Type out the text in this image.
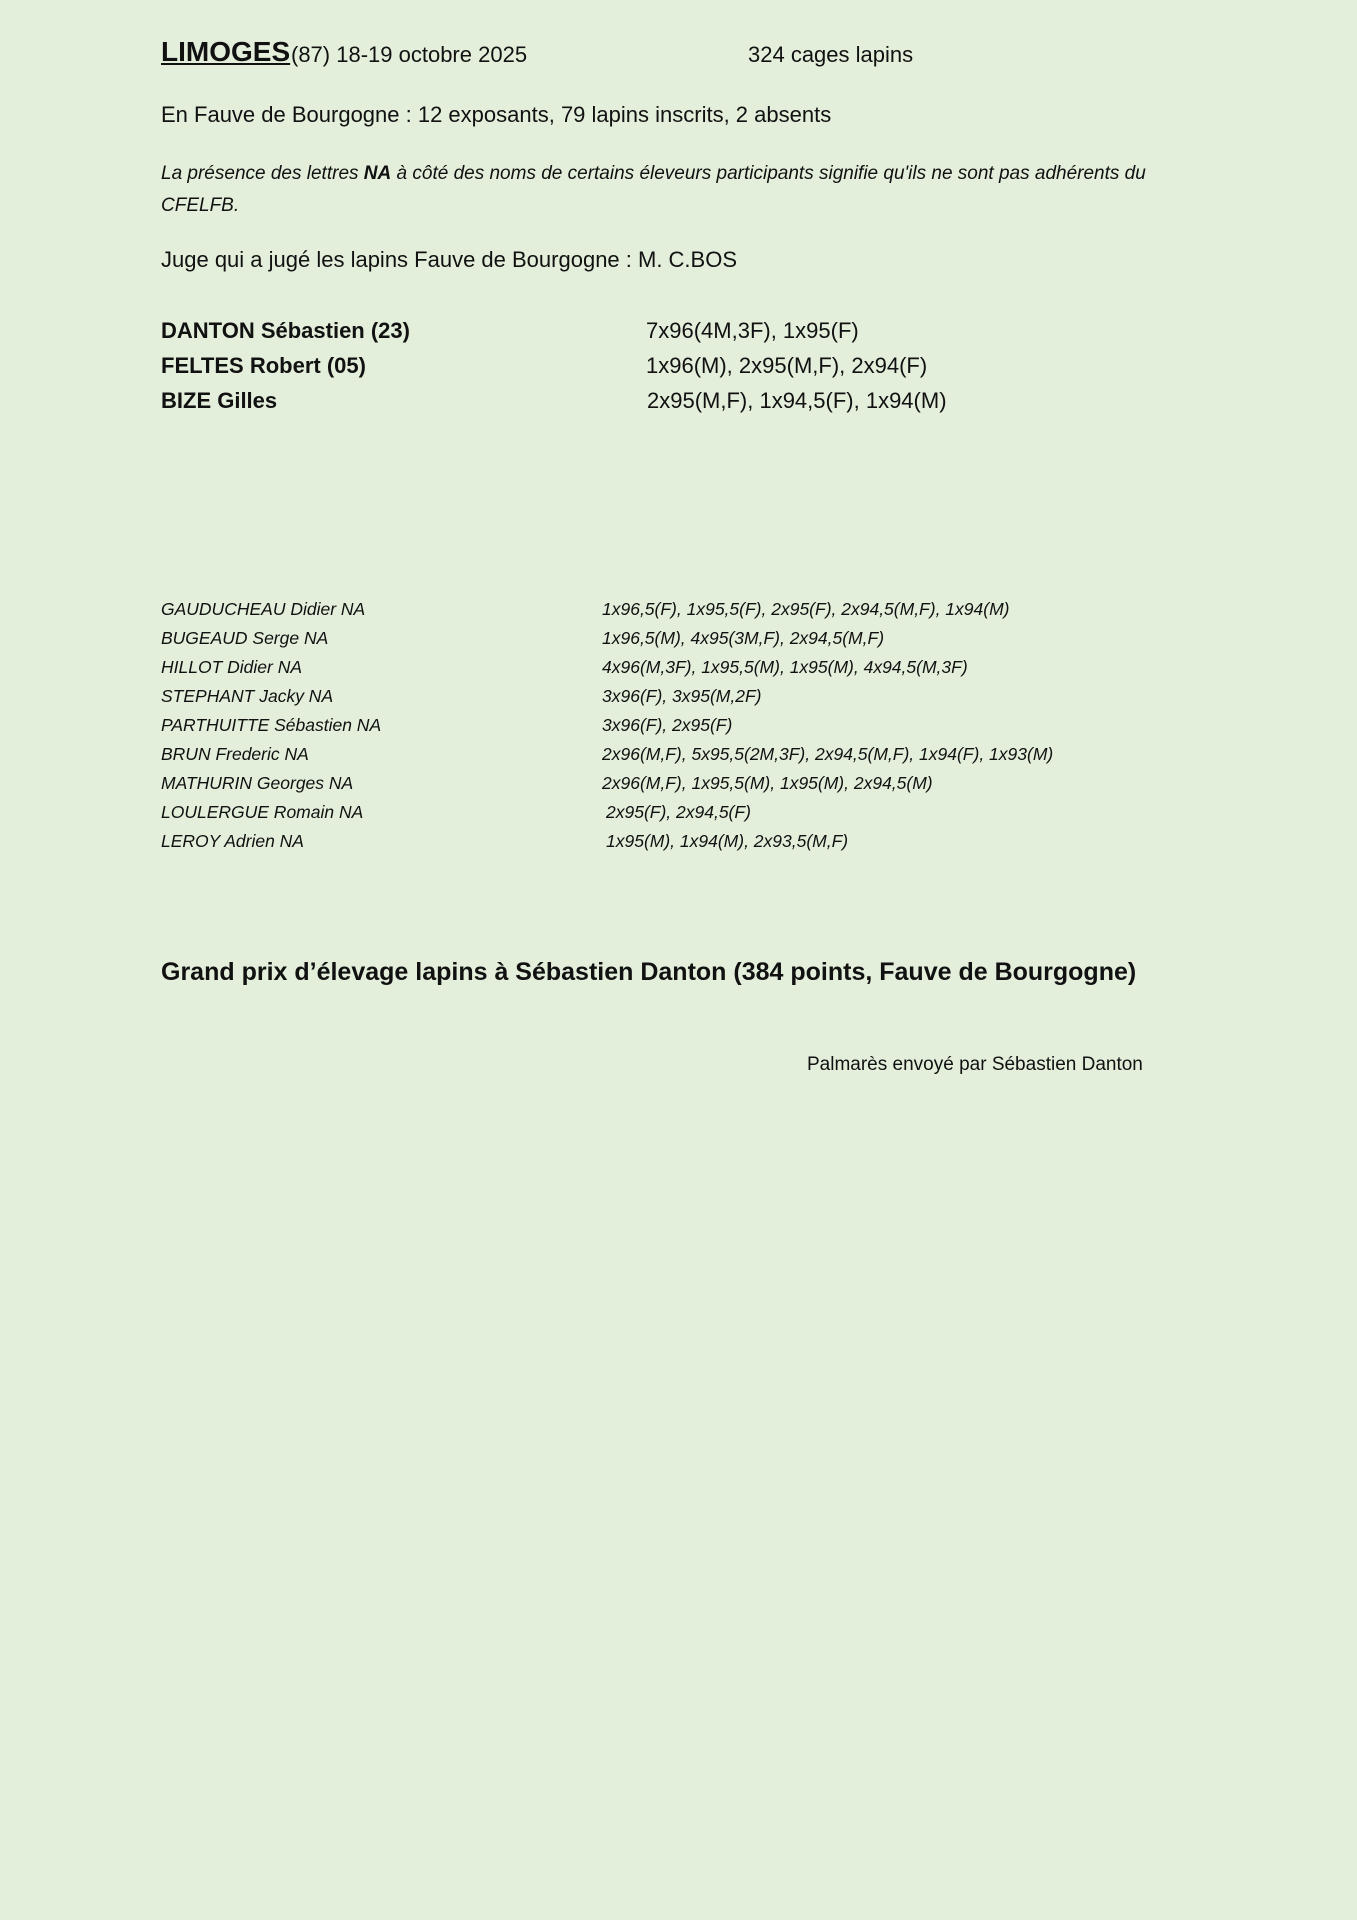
LIMOGES (87) 18-19 octobre 2025	324 cages lapins
En Fauve de Bourgogne : 12 exposants, 79 lapins inscrits, 2 absents
La présence des lettres NA à côté des noms de certains éleveurs participants signifie qu'ils ne sont pas adhérents du CFELFB.
Juge qui a jugé les lapins Fauve de Bourgogne : M. C.BOS
DANTON Sébastien (23)	7x96(4M,3F), 1x95(F)
FELTES Robert (05)	1x96(M), 2x95(M,F), 2x94(F)
BIZE Gilles	2x95(M,F), 1x94,5(F), 1x94(M)
GAUDUCHEAU Didier NA	1x96,5(F), 1x95,5(F), 2x95(F), 2x94,5(M,F), 1x94(M)
BUGEAUD Serge NA	1x96,5(M), 4x95(3M,F), 2x94,5(M,F)
HILLOT Didier NA	4x96(M,3F), 1x95,5(M), 1x95(M), 4x94,5(M,3F)
STEPHANT Jacky NA	3x96(F), 3x95(M,2F)
PARTHUITTE Sébastien NA	3x96(F), 2x95(F)
BRUN Frederic NA	2x96(M,F), 5x95,5(2M,3F), 2x94,5(M,F), 1x94(F), 1x93(M)
MATHURIN Georges NA	2x96(M,F), 1x95,5(M), 1x95(M), 2x94,5(M)
LOULERGUE Romain NA	2x95(F), 2x94,5(F)
LEROY Adrien NA	1x95(M), 1x94(M), 2x93,5(M,F)
Grand prix d’élevage lapins à Sébastien Danton (384 points, Fauve de Bourgogne)
Palmarès envoyé par Sébastien Danton
